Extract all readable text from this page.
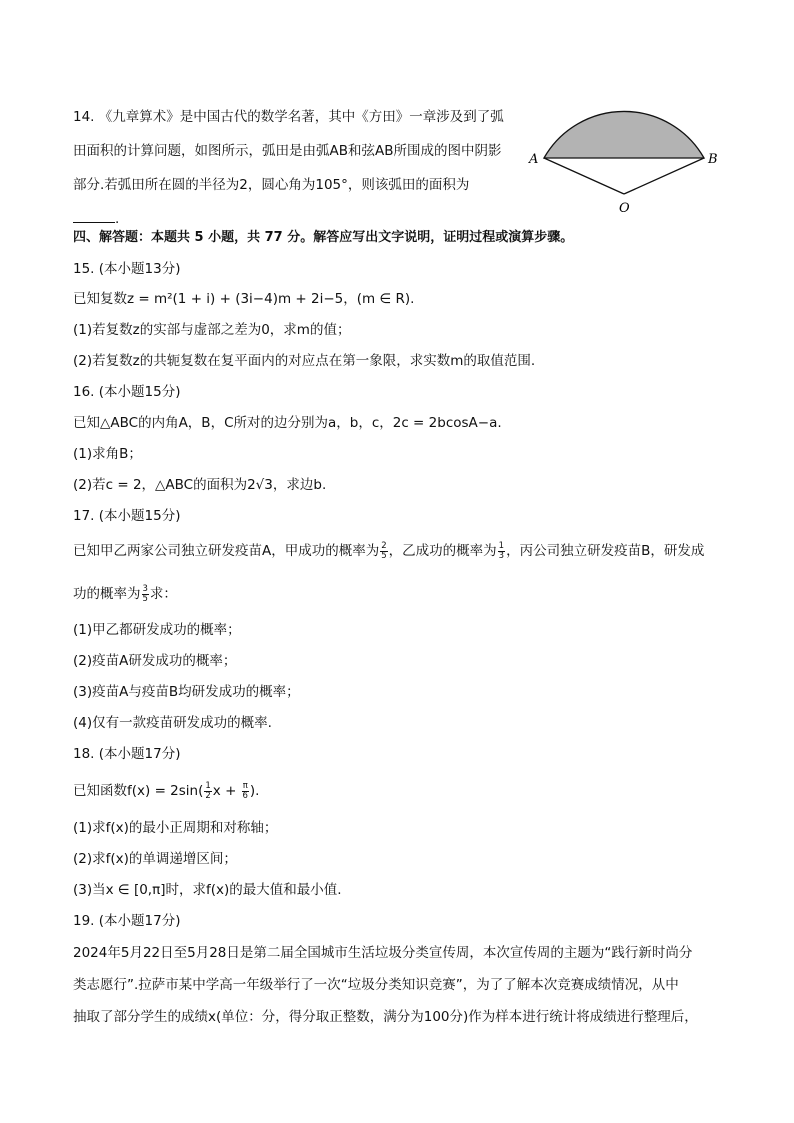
14. 《九章算术》是中国古代的数学名著，其中《方田》一章涉及到了弧

田面积的计算问题，如图所示，弧田是由弧AB和弦AB所围成的图中阴影

部分.若弧田所在圆的半径为2，圆心角为105°，则该弧田的面积为

.

A	B
O
四、解答题：本题共 5 小题，共 77 分。解答应写出文字说明，证明过程或演算步骤。
15. (本小题13分)
已知复数z = m²(1 + i) + (3i−4)m + 2i−5，(m ∈ R).
(1)若复数z的实部与虚部之差为0，求m的值；
(2)若复数z的共轭复数在复平面内的对应点在第一象限，求实数m的取值范围.
16. (本小题15分)
已知△ABC的内角A，B，C所对的边分别为a，b，c，2c = 2bcosA−a.
(1)求角B；
(2)若c = 2，△ABC的面积为2√3，求边b.
17. (本小题15分)
已知甲乙两家公司独立研发疫苗A，甲成功的概率为 $\frac{2}{5}$ ，乙成功的概率为 $\frac{1}{3}$ ，丙公司独立研发疫苗B，研发成
功的概率为 $\frac{3}{5}$ 求：
(1)甲乙都研发成功的概率；
(2)疫苗A研发成功的概率；
(3)疫苗A与疫苗B均研发成功的概率；
(4)仅有一款疫苗研发成功的概率.
18. (本小题17分)
已知函数$f(x) = 2\sin( \frac{1}{2}$ $x + \frac{\pi}{6}$ ).
(1)求f(x)的最小正周期和对称轴；
(2)求f(x)的单调递增区间；
(3)当x ∈ [0,π]时，求f(x)的最大值和最小值.
19. (本小题17分)
2024年5月22日至5月28日是第二届全国城市生活垃圾分类宣传周，本次宣传周的主题为“践行新时尚分
类志愿行”.拉萨市某中学高一年级举行了一次“垃圾分类知识竞赛”，为了了解本次竞赛成绩情况，从中
抽取了部分学生的成绩x(单位：分，得分取正整数，满分为100分)作为样本进行统计将成绩进行整理后，
